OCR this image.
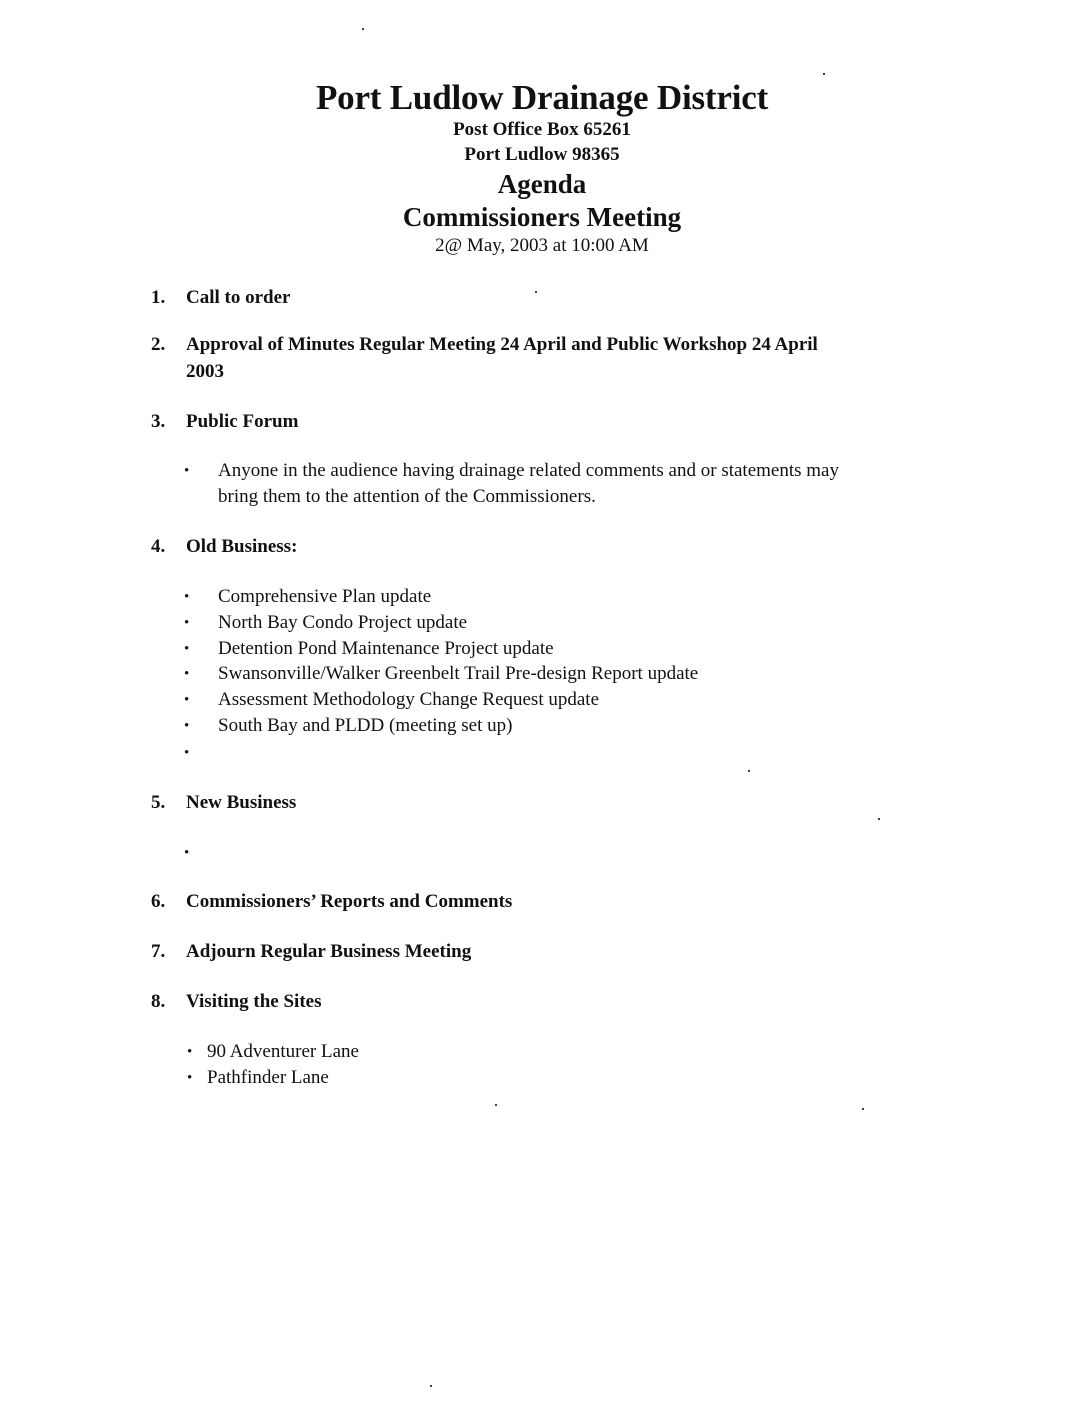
Port Ludlow Drainage District
Post Office Box 65261
Port Ludlow 98365
Agenda
Commissioners Meeting
2@ May, 2003 at 10:00 AM
1. Call to order
2. Approval of Minutes Regular Meeting 24 April and Public Workshop 24 April
2003
3. Public Forum
• Anyone in the audience having drainage related comments and or statements may
bring them to the attention of the Commissioners.
4. Old Business:
• Comprehensive Plan update
• North Bay Condo Project update
• Detention Pond Maintenance Project update
• Swansonville/Walker Greenbelt Trail Pre-design Report update
• Assessment Methodology Change Request update
• South Bay and PLDD (meeting set up)
•
5. New Business
•
6. Commissioners’ Reports and Comments
7. Adjourn Regular Business Meeting
8. Visiting the Sites
• 90 Adventurer Lane
• Pathfinder Lane
